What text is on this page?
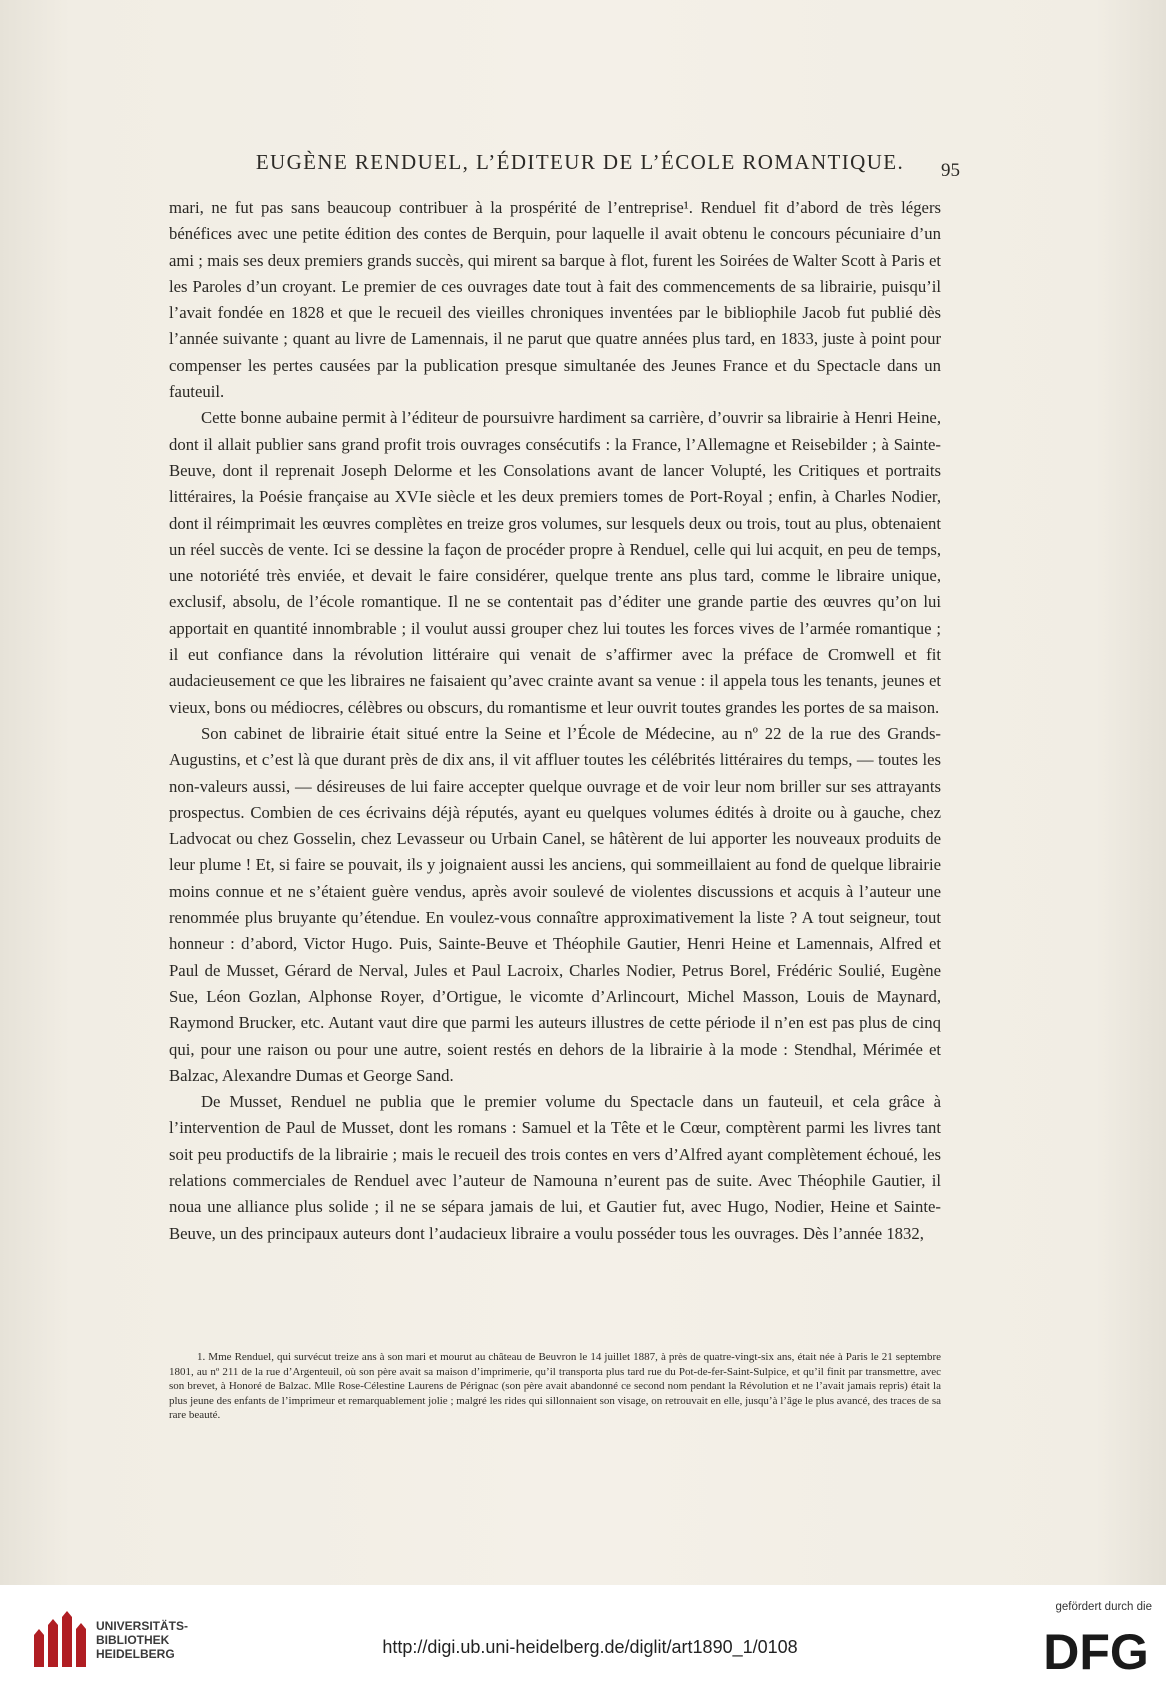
EUGÈNE RENDUEL, L’ÉDITEUR DE L’ÉCOLE ROMANTIQUE.	95

mari, ne fut pas sans beaucoup contribuer à la prospérité de l’entreprise¹. Renduel fit d’abord de très légers bénéfices avec une petite édition des contes de Berquin, pour laquelle il avait obtenu le concours pécuniaire d’un ami ; mais ses deux premiers grands succès, qui mirent sa barque à flot, furent les Soirées de Walter Scott à Paris et les Paroles d’un croyant. Le premier de ces ouvrages date tout à fait des commencements de sa librairie, puisqu’il l’avait fondée en 1828 et que le recueil des vieilles chroniques inventées par le bibliophile Jacob fut publié dès l’année suivante ; quant au livre de Lamennais, il ne parut que quatre années plus tard, en 1833, juste à point pour compenser les pertes causées par la publication presque simultanée des Jeunes France et du Spectacle dans un fauteuil.

Cette bonne aubaine permit à l’éditeur de poursuivre hardiment sa carrière, d’ouvrir sa librairie à Henri Heine, dont il allait publier sans grand profit trois ouvrages consécutifs : la France, l’Allemagne et Reisebilder ; à Sainte-Beuve, dont il reprenait Joseph Delorme et les Consolations avant de lancer Volupté, les Critiques et portraits littéraires, la Poésie française au XVIe siècle et les deux premiers tomes de Port-Royal ; enfin, à Charles Nodier, dont il réimprimait les œuvres complètes en treize gros volumes, sur lesquels deux ou trois, tout au plus, obtenaient un réel succès de vente. Ici se dessine la façon de procéder propre à Renduel, celle qui lui acquit, en peu de temps, une notoriété très enviée, et devait le faire considérer, quelque trente ans plus tard, comme le libraire unique, exclusif, absolu, de l’école romantique. Il ne se contentait pas d’éditer une grande partie des œuvres qu’on lui apportait en quantité innombrable ; il voulut aussi grouper chez lui toutes les forces vives de l’armée romantique ; il eut confiance dans la révolution littéraire qui venait de s’affirmer avec la préface de Cromwell et fit audacieusement ce que les libraires ne faisaient qu’avec crainte avant sa venue : il appela tous les tenants, jeunes et vieux, bons ou médiocres, célèbres ou obscurs, du romantisme et leur ouvrit toutes grandes les portes de sa maison.

Son cabinet de librairie était situé entre la Seine et l’École de Médecine, au nº 22 de la rue des Grands-Augustins, et c’est là que durant près de dix ans, il vit affluer toutes les célébrités littéraires du temps, — toutes les non-valeurs aussi, — désireuses de lui faire accepter quelque ouvrage et de voir leur nom briller sur ses attrayants prospectus. Combien de ces écrivains déjà réputés, ayant eu quelques volumes édités à droite ou à gauche, chez Ladvocat ou chez Gosselin, chez Levasseur ou Urbain Canel, se hâtèrent de lui apporter les nouveaux produits de leur plume ! Et, si faire se pouvait, ils y joignaient aussi les anciens, qui sommeillaient au fond de quelque librairie moins connue et ne s’étaient guère vendus, après avoir soulevé de violentes discussions et acquis à l’auteur une renommée plus bruyante qu’étendue. En voulez-vous connaître approximativement la liste ? A tout seigneur, tout honneur : d’abord, Victor Hugo. Puis, Sainte-Beuve et Théophile Gautier, Henri Heine et Lamennais, Alfred et Paul de Musset, Gérard de Nerval, Jules et Paul Lacroix, Charles Nodier, Petrus Borel, Frédéric Soulié, Eugène Sue, Léon Gozlan, Alphonse Royer, d’Ortigue, le vicomte d’Arlincourt, Michel Masson, Louis de Maynard, Raymond Brucker, etc. Autant vaut dire que parmi les auteurs illustres de cette période il n’en est pas plus de cinq qui, pour une raison ou pour une autre, soient restés en dehors de la librairie à la mode : Stendhal, Mérimée et Balzac, Alexandre Dumas et George Sand.

De Musset, Renduel ne publia que le premier volume du Spectacle dans un fauteuil, et cela grâce à l’intervention de Paul de Musset, dont les romans : Samuel et la Tête et le Cœur, comptèrent parmi les livres tant soit peu productifs de la librairie ; mais le recueil des trois contes en vers d’Alfred ayant complètement échoué, les relations commerciales de Renduel avec l’auteur de Namouna n’eurent pas de suite. Avec Théophile Gautier, il noua une alliance plus solide ; il ne se sépara jamais de lui, et Gautier fut, avec Hugo, Nodier, Heine et Sainte-Beuve, un des principaux auteurs dont l’audacieux libraire a voulu posséder tous les ouvrages. Dès l’année 1832,

1. Mme Renduel, qui survécut treize ans à son mari et mourut au château de Beuvron le 14 juillet 1887, à près de quatre-vingt-six ans, était née à Paris le 21 septembre 1801, au nº 211 de la rue d’Argenteuil, où son père avait sa maison d’imprimerie, qu’il transporta plus tard rue du Pot-de-fer-Saint-Sulpice, et qu’il finit par transmettre, avec son brevet, à Honoré de Balzac. Mlle Rose-Célestine Laurens de Pérignac (son père avait abandonné ce second nom pendant la Révolution et ne l’avait jamais repris) était la plus jeune des enfants de l’imprimeur et remarquablement jolie ; malgré les rides qui sillonnaient son visage, on retrouvait en elle, jusqu’à l’âge le plus avancé, des traces de sa rare beauté.

UNIVERSITÄTS-
BIBLIOTHEK
HEIDELBERG	http://digi.ub.uni-heidelberg.de/diglit/art1890_1/0108
gefördert durch die
DFG
